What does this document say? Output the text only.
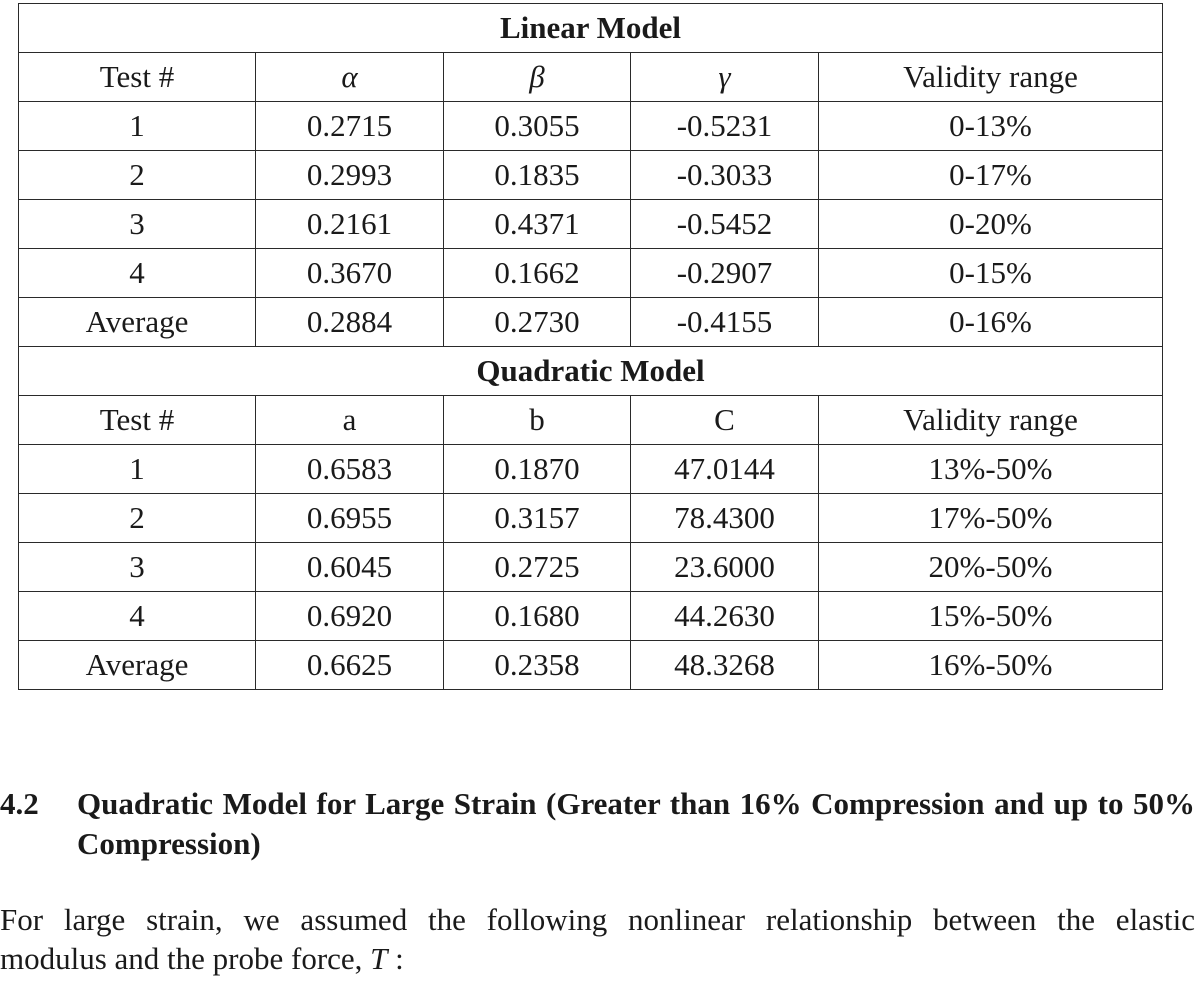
Linear Model				
Test #	α	β	γ	Validity range
1	0.2715	0.3055	-0.5231	0-13%
2	0.2993	0.1835	-0.3033	0-17%
3	0.2161	0.4371	-0.5452	0-20%
4	0.3670	0.1662	-0.2907	0-15%
Average	0.2884	0.2730	-0.4155	0-16%
Quadratic Model				
Test #	a	b	C	Validity range
1	0.6583	0.1870	47.0144	13%-50%
2	0.6955	0.3157	78.4300	17%-50%
3	0.6045	0.2725	23.6000	20%-50%
4	0.6920	0.1680	44.2630	15%-50%
Average	0.6625	0.2358	48.3268	16%-50%
4.2 Quadratic Model for Large Strain (Greater than 16% Compression and up to 50% Compression)
For large strain, we assumed the following nonlinear relationship between the elastic
modulus and the probe force, T :
